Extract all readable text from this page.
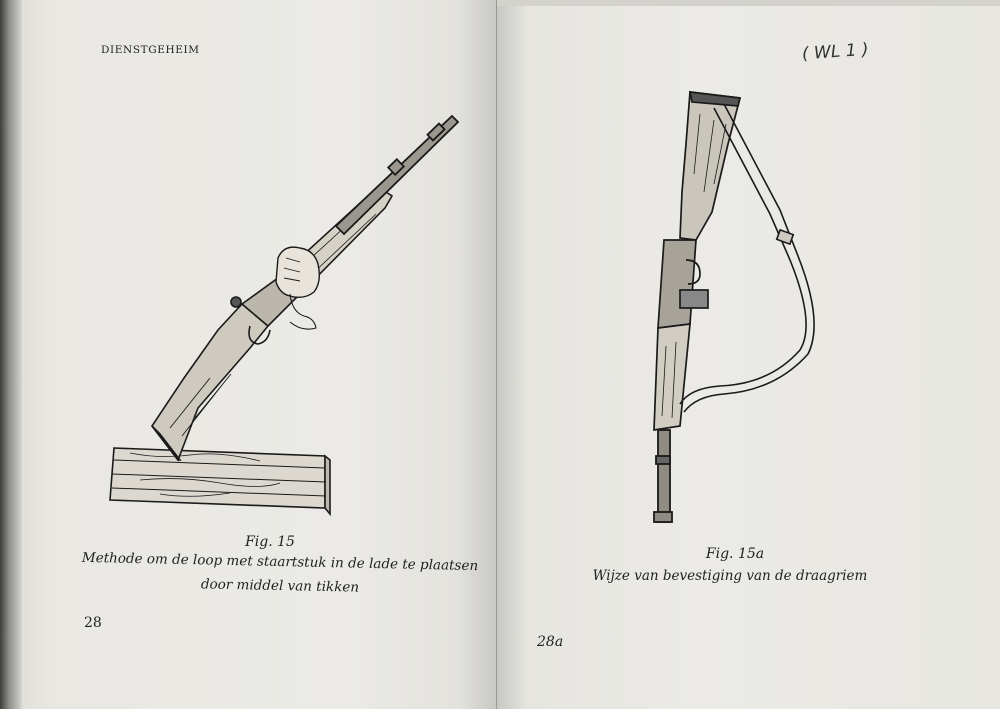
DIENSTGEHEIM
Fig. 15
Methode om de loop met staartstuk in de lade te plaatsen
door middel van tikken
28
( WL 1 )
Fig. 15a
Wijze van bevestiging van de draagriem
28a
